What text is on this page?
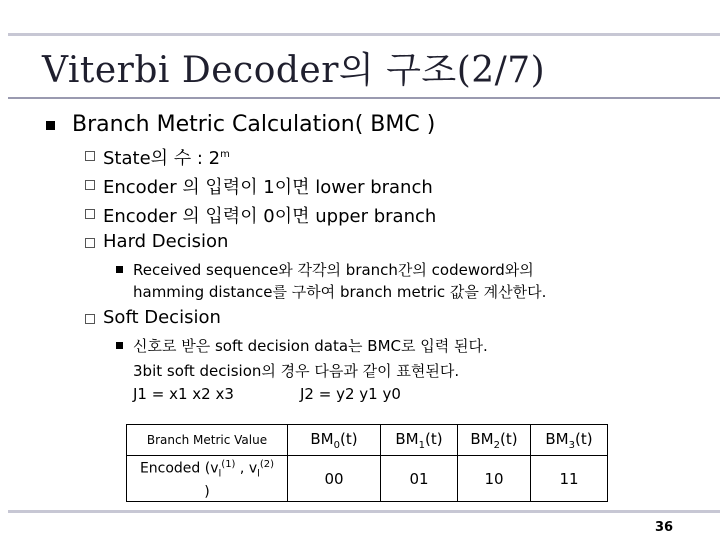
Viterbi Decoder의 구조(2/7)
Branch Metric Calculation( BMC )
State의 수 : 2$^m$
Encoder 의 입력이 1이면 lower branch
Encoder 의 입력이 0이면 upper branch
Hard Decision
Received sequence와 각각의 branch간의 codeword와의
hamming distance를 구하여 branch metric 값을 계산한다.
Soft Decision
신호로 받은 soft decision data는 BMC로 입력 된다.
3bit soft decision의 경우 다음과 같이 표현된다.
J1 = x1 x2 x3	J2 = y2 y1 y0
Branch Metric Value	$BM_0(t)$	$BM_1(t)$	$BM_2(t)$	$BM_3(t)$
Encoded ($v_l^{(1)}$ , $v_l^{(2)}$
)	00	01	10	11
36
